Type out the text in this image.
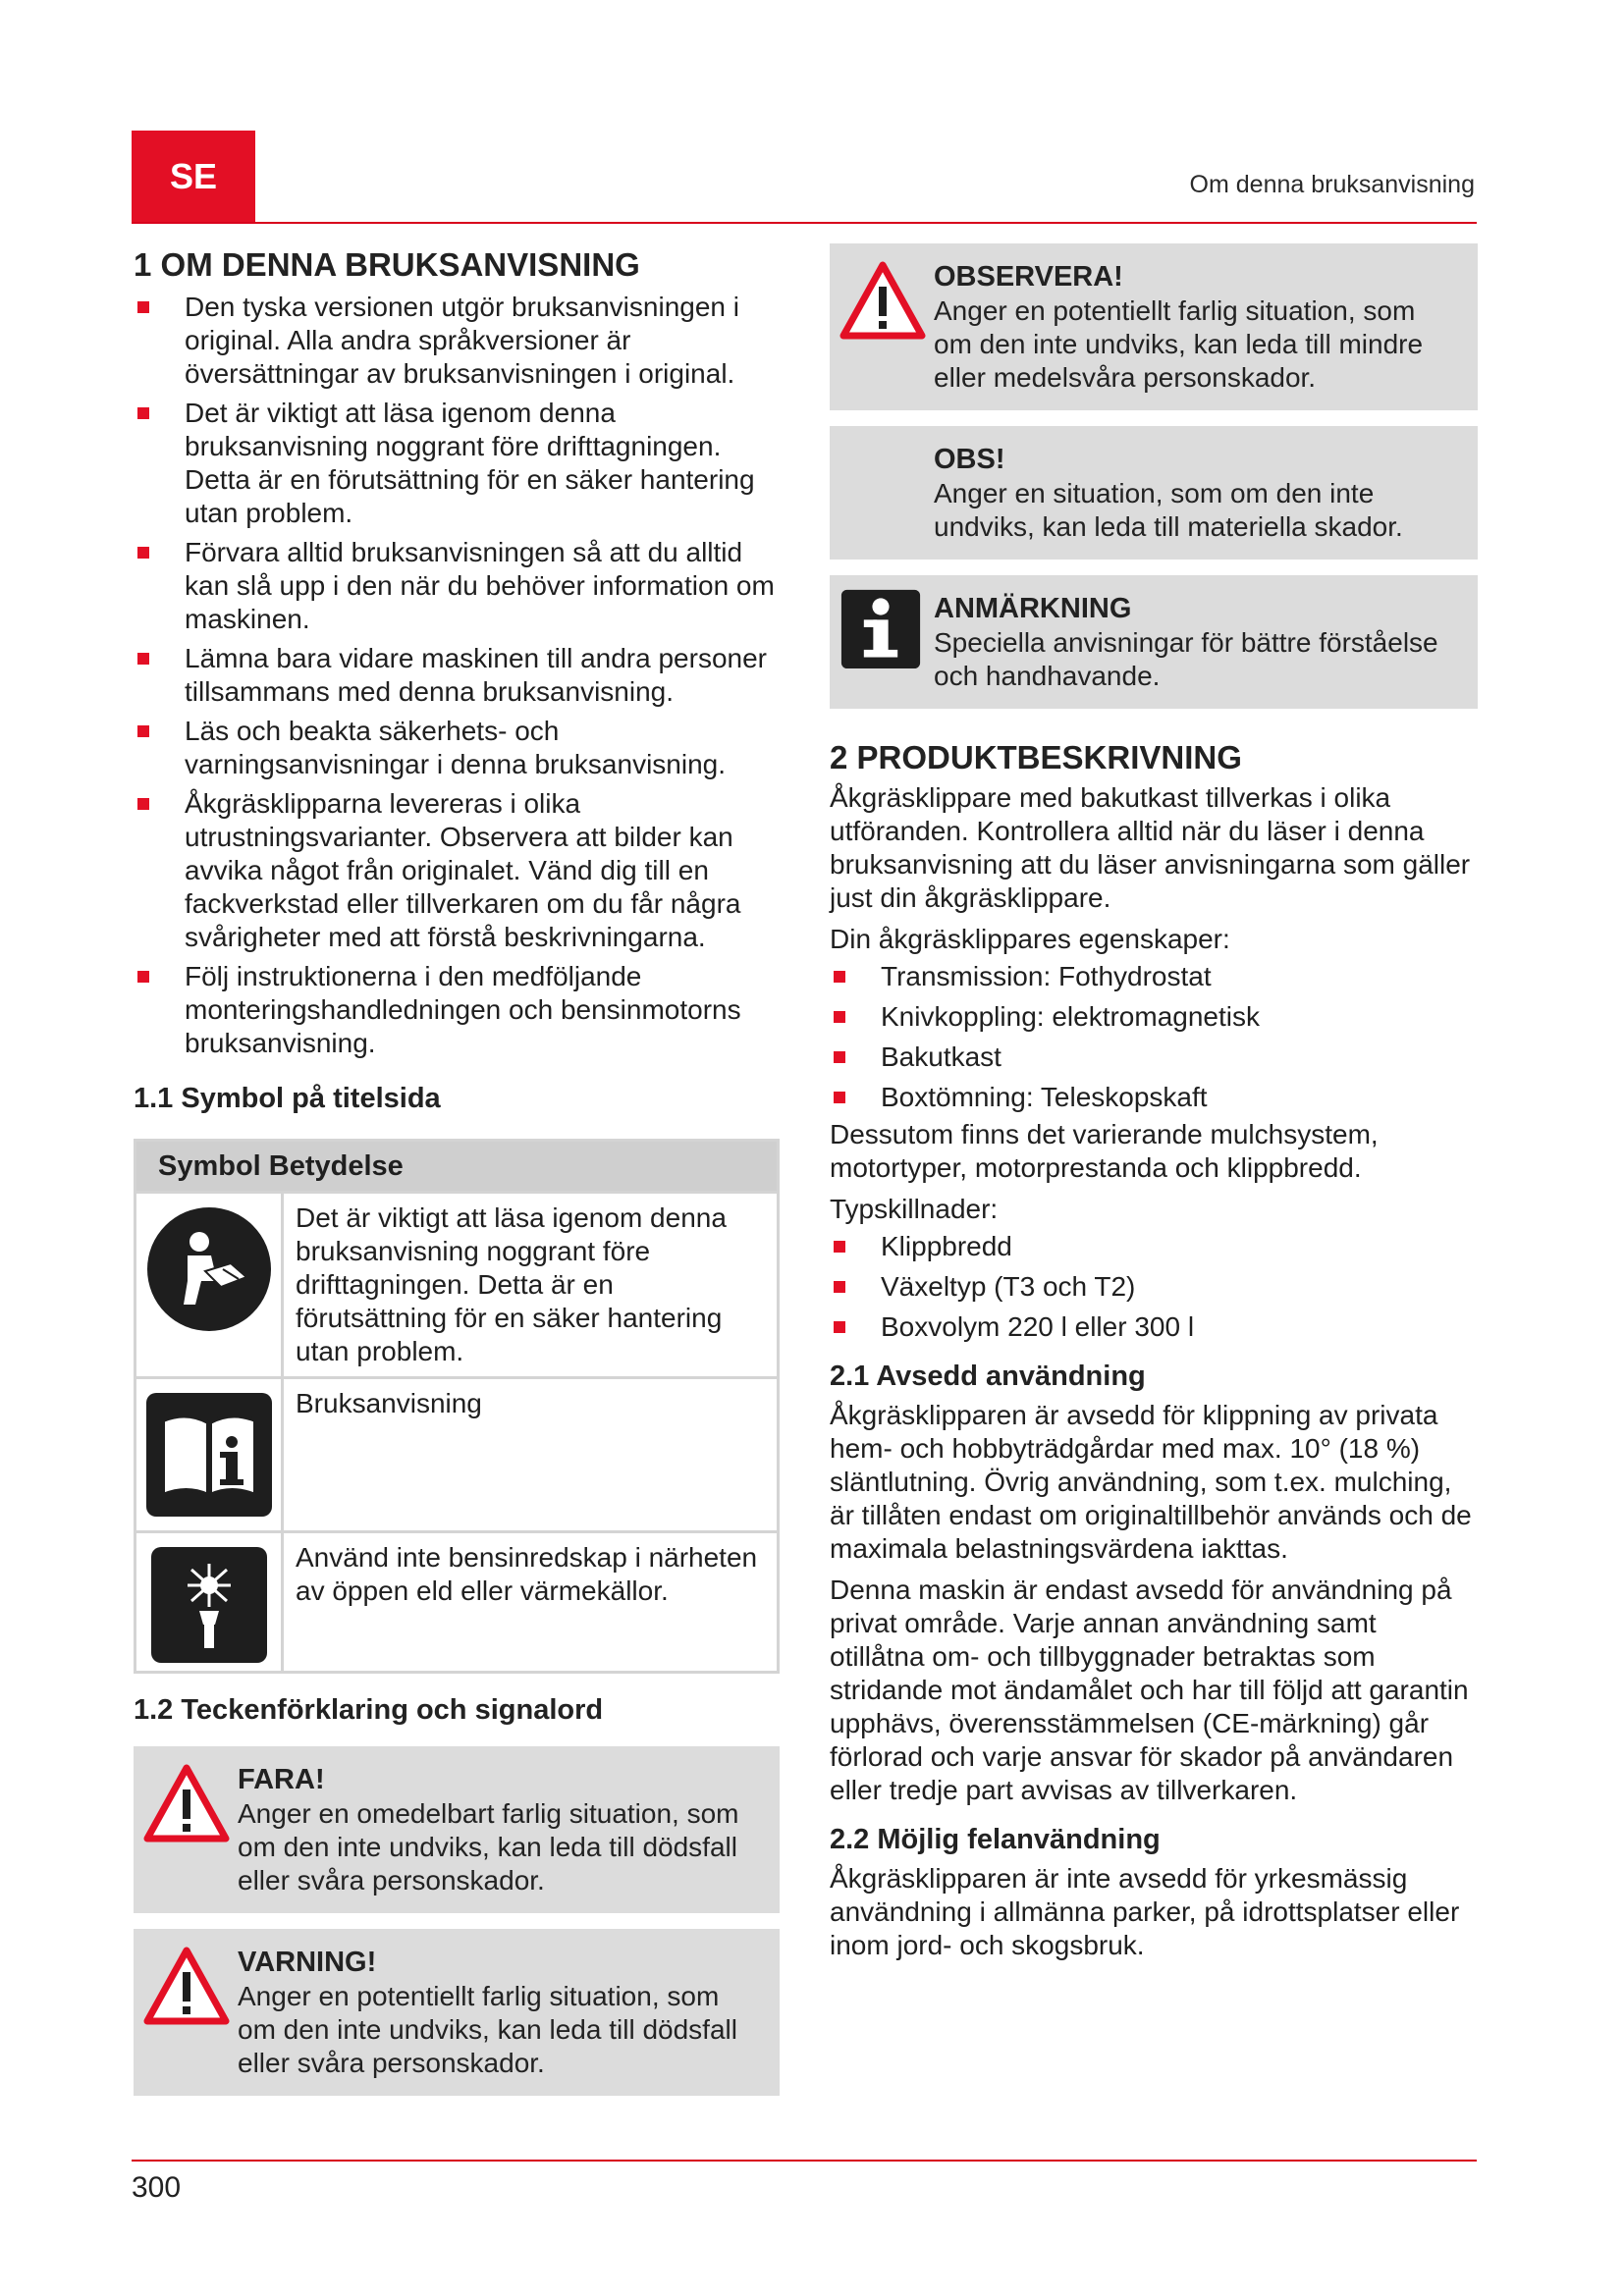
SE	Om denna bruksanvisning
1 OM DENNA BRUKSANVISNING
Den tyska versionen utgör bruksanvisningen i original. Alla andra språkversioner är översättningar av bruksanvisningen i original.
Det är viktigt att läsa igenom denna bruksanvisning noggrant före drifttagningen. Detta är en förutsättning för en säker hantering utan problem.
Förvara alltid bruksanvisningen så att du alltid kan slå upp i den när du behöver information om maskinen.
Lämna bara vidare maskinen till andra personer tillsammans med denna bruksanvisning.
Läs och beakta säkerhets- och varningsanvisningar i denna bruksanvisning.
Åkgräsklipparna levereras i olika utrustningsvarianter. Observera att bilder kan avvika något från originalet. Vänd dig till en fackverkstad eller tillverkaren om du får några svårigheter med att förstå beskrivningarna.
Följ instruktionerna i den medföljande monteringshandledningen och bensinmotorns bruksanvisning.
1.1 Symbol på titelsida
Symbol Betydelse
Det är viktigt att läsa igenom denna bruksanvisning noggrant före drifttagningen. Detta är en förutsättning för en säker hantering utan problem.
Bruksanvisning
Använd inte bensinredskap i närheten av öppen eld eller värmekällor.
1.2 Teckenförklaring och signalord
FARA!
Anger en omedelbart farlig situation, som om den inte undviks, kan leda till dödsfall eller svåra personskador.
VARNING!
Anger en potentiellt farlig situation, som om den inte undviks, kan leda till dödsfall eller svåra personskador.
OBSERVERA!
Anger en potentiellt farlig situation, som om den inte undviks, kan leda till mindre eller medelsvåra personskador.
OBS!
Anger en situation, som om den inte undviks, kan leda till materiella skador.
ANMÄRKNING
Speciella anvisningar för bättre förståelse och handhavande.
2 PRODUKTBESKRIVNING

Åkgräsklippare med bakutkast tillverkas i olika utföranden. Kontrollera alltid när du läser i denna bruksanvisning att du läser anvisningarna som gäller just din åkgräsklippare.

Din åkgräsklippares egenskaper:

Transmission: Fothydrostat
Knivkoppling: elektromagnetisk
Bakutkast
Boxtömning: Teleskopskaft

Dessutom finns det varierande mulchsystem, motortyper, motorprestanda och klippbredd.

Typskillnader:

Klippbredd
Växeltyp (T3 och T2)
Boxvolym 220 l eller 300 l
2.1 Avsedd användning

Åkgräsklipparen är avsedd för klippning av privata hem- och hobbyträdgårdar med max. 10° (18 %) släntlutning. Övrig användning, som t.ex. mulching, är tillåten endast om originaltillbehör används och de maximala belastningsvärdena iakttas.

Denna maskin är endast avsedd för användning på privat område. Varje annan användning samt otillåtna om- och tillbyggnader betraktas som stridande mot ändamålet och har till följd att garantin upphävs, överensstämmelsen (CE-märkning) går förlorad och varje ansvar för skador på användaren eller tredje part avvisas av tillverkaren.

2.2 Möjlig felanvändning

Åkgräsklipparen är inte avsedd för yrkesmässig användning i allmänna parker, på idrottsplatser eller inom jord- och skogsbruk.

300
